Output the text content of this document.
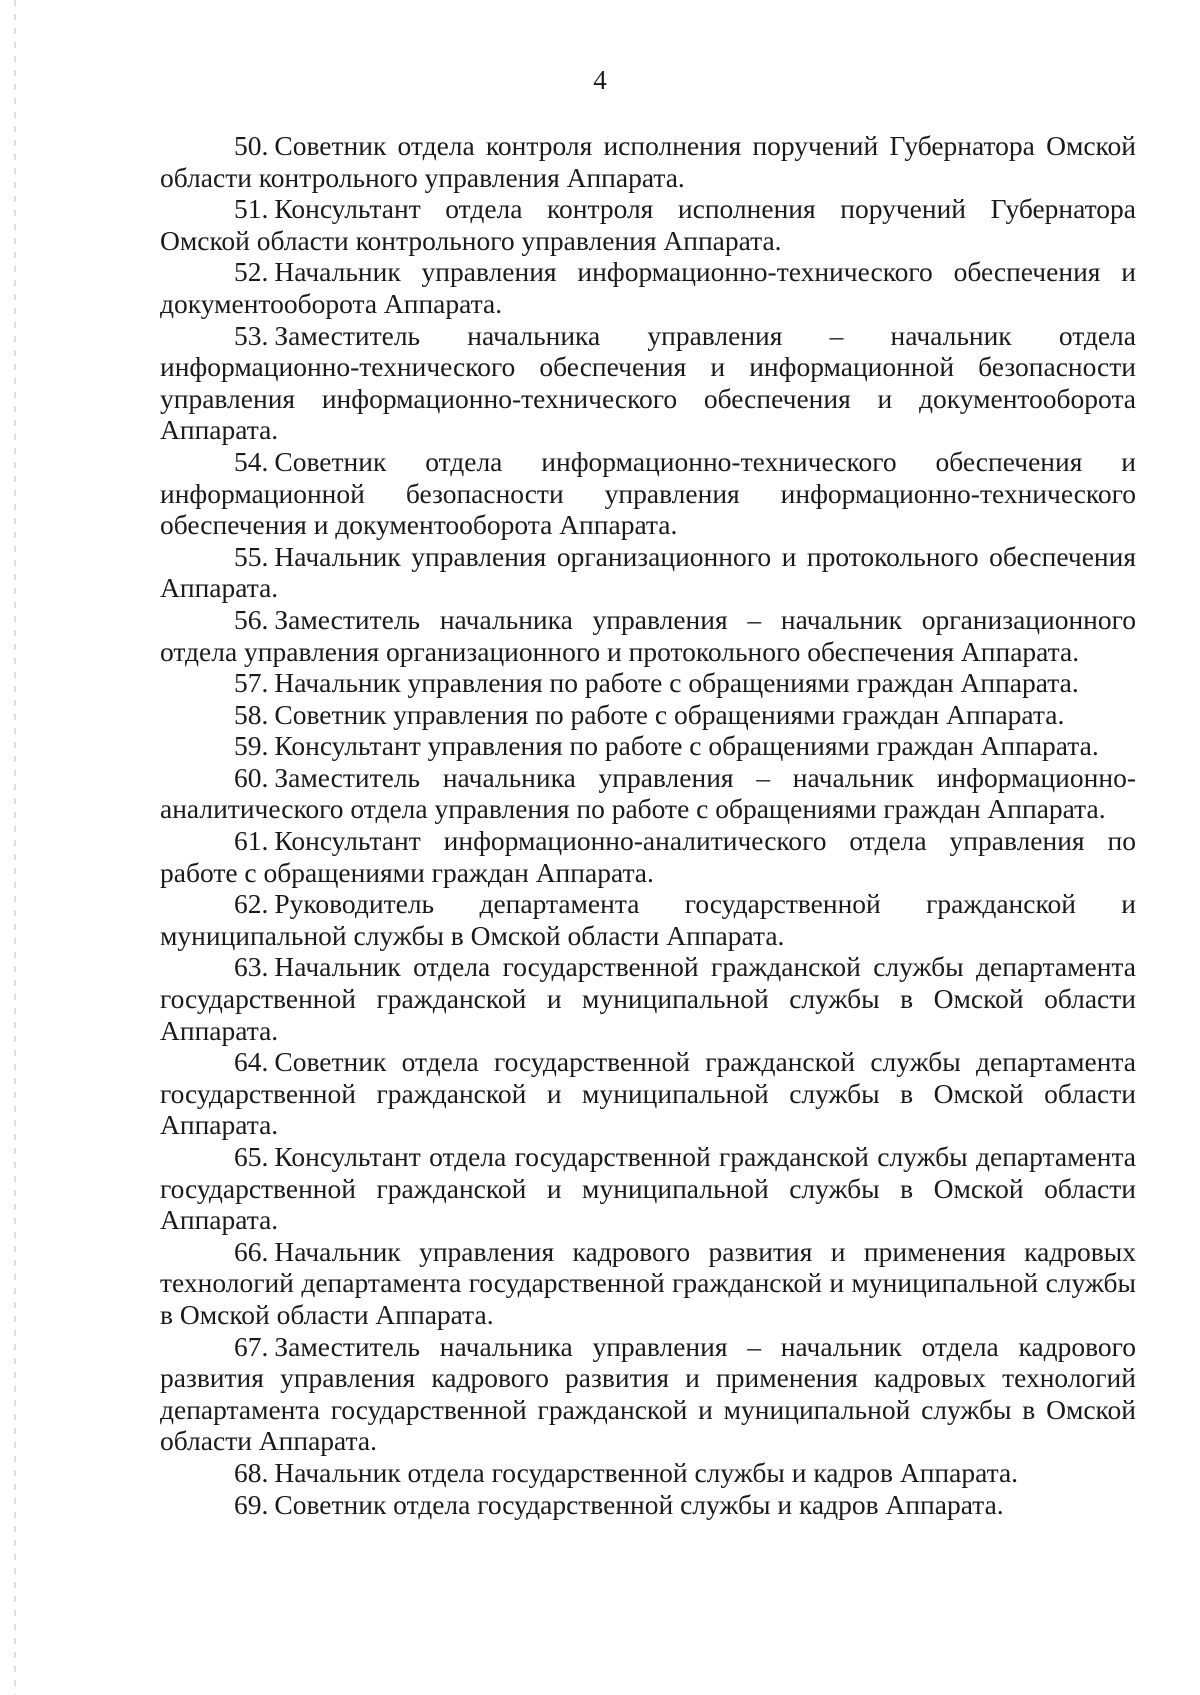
4

50. Советник отдела контроля исполнения поручений Губернатора Омской области контрольного управления Аппарата.

51. Консультант отдела контроля исполнения поручений Губернатора Омской области контрольного управления Аппарата.

52. Начальник управления информационно-технического обеспечения и документооборота Аппарата.

53. Заместитель начальника управления – начальник отдела информационно-технического обеспечения и информационной безопасности управления информационно-технического обеспечения и документооборота Аппарата.

54. Советник отдела информационно-технического обеспечения и информационной безопасности управления информационно-технического обеспечения и документооборота Аппарата.

55. Начальник управления организационного и протокольного обеспечения Аппарата.

56. Заместитель начальника управления – начальник организационного отдела управления организационного и протокольного обеспечения Аппарата.

57. Начальник управления по работе с обращениями граждан Аппарата.

58. Советник управления по работе с обращениями граждан Аппарата.

59. Консультант управления по работе с обращениями граждан Аппарата.

60. Заместитель начальника управления – начальник информационно-аналитического отдела управления по работе с обращениями граждан Аппарата.

61. Консультант информационно-аналитического отдела управления по работе с обращениями граждан Аппарата.

62. Руководитель департамента государственной гражданской и муниципальной службы в Омской области Аппарата.

63. Начальник отдела государственной гражданской службы департамента государственной гражданской и муниципальной службы в Омской области Аппарата.

64. Советник отдела государственной гражданской службы департамента государственной гражданской и муниципальной службы в Омской области Аппарата.

65. Консультант отдела государственной гражданской службы департамента государственной гражданской и муниципальной службы в Омской области Аппарата.

66. Начальник управления кадрового развития и применения кадровых технологий департамента государственной гражданской и муниципальной службы в Омской области Аппарата.

67. Заместитель начальника управления – начальник отдела кадрового развития управления кадрового развития и применения кадровых технологий департамента государственной гражданской и муниципальной службы в Омской области Аппарата.

68. Начальник отдела государственной службы и кадров Аппарата.

69. Советник отдела государственной службы и кадров Аппарата.
